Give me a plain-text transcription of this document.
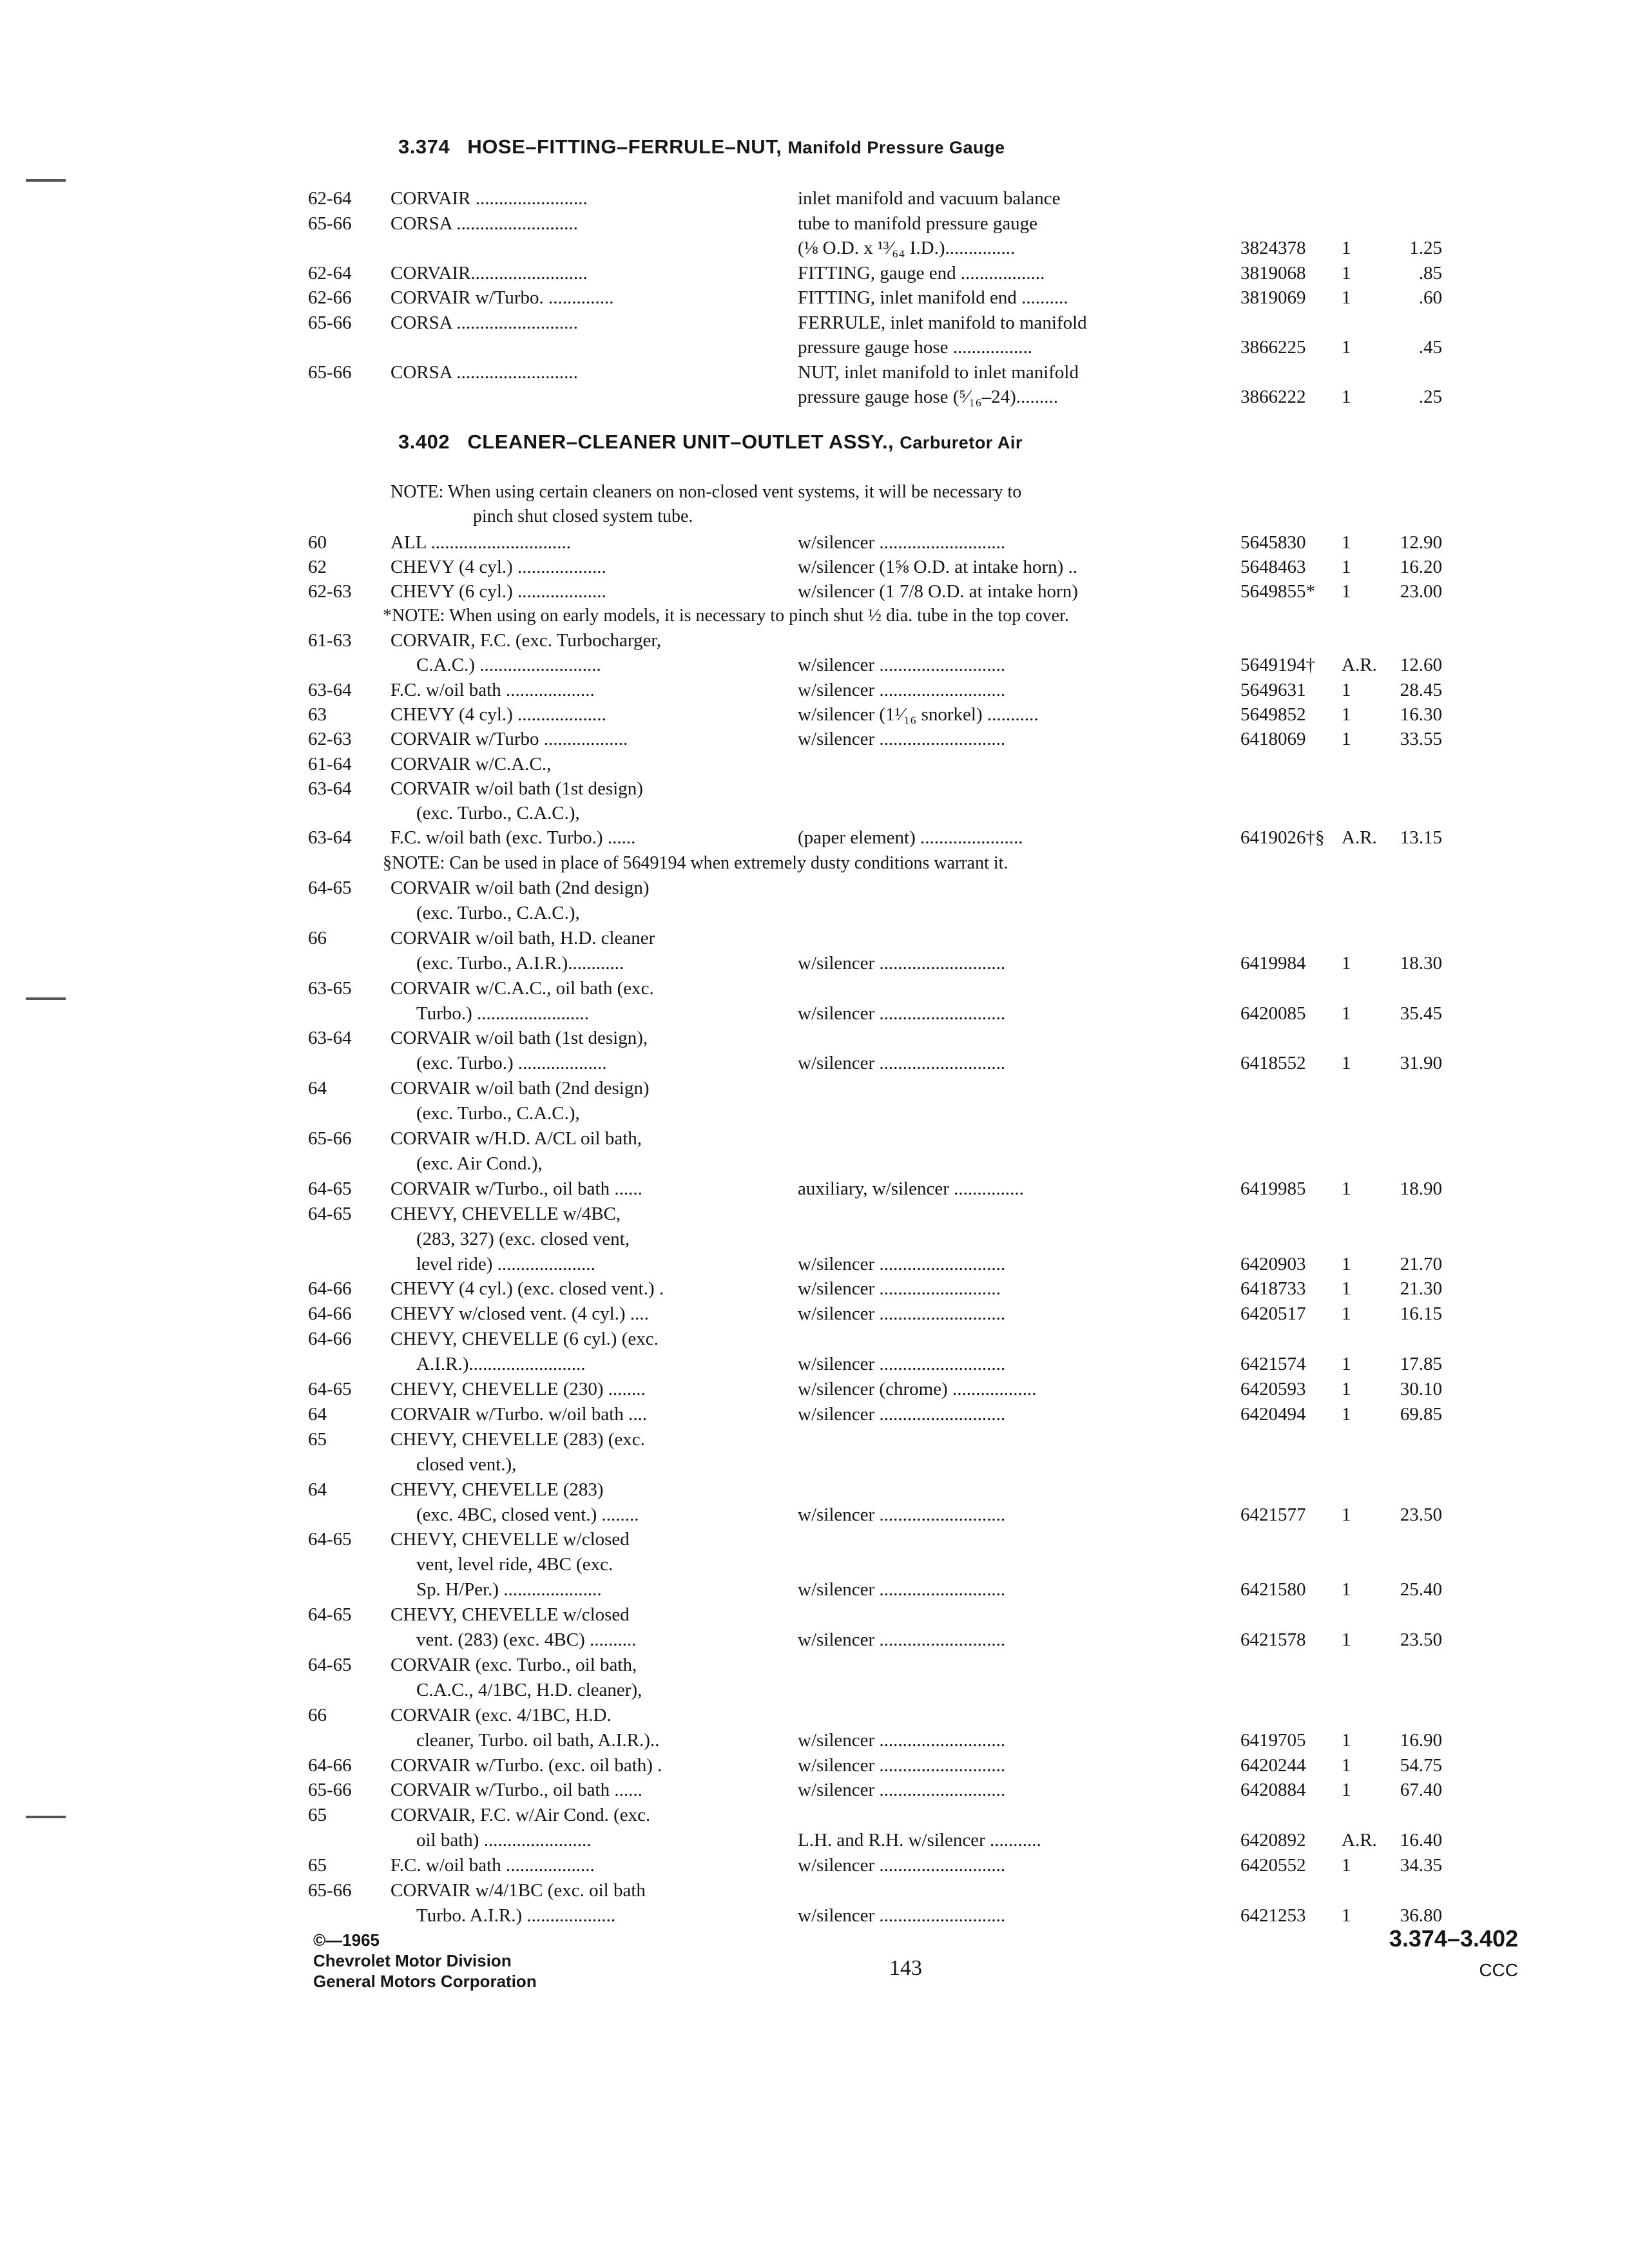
3.374 HOSE–FITTING–FERRULE–NUT, Manifold Pressure Gauge
62-64 CORVAIR ........................	inlet manifold and vacuum balance
65-66 CORSA ..........................	tube to manifold pressure gauge
(⅛ O.D. x ¹³⁄₆₄ I.D.)...............	3824378 1	1.25
62-64 CORVAIR.........................	FITTING, gauge end ..................	3819068 1	.85
62-66 CORVAIR w/Turbo. ..............	FITTING, inlet manifold end ..........	3819069 1	.60
65-66 CORSA ..........................	FERRULE, inlet manifold to manifold
pressure gauge hose .................	3866225 1	.45
65-66 CORSA ..........................	NUT, inlet manifold to inlet manifold
pressure gauge hose (⁵⁄₁₆–24).........	3866222 1	.25
3.402 CLEANER–CLEANER UNIT–OUTLET ASSY., Carburetor Air
NOTE: When using certain cleaners on non-closed vent systems, it will be necessary to
pinch shut closed system tube.
60	ALL ..............................	w/silencer ...........................	5645830 1	12.90
62	CHEVY (4 cyl.) ...................	w/silencer (1⅝ O.D. at intake horn) ..	5648463 1	16.20
62-63 CHEVY (6 cyl.) ...................	w/silencer (1 7/8 O.D. at intake horn)	5649855* 1	23.00
*NOTE: When using on early models, it is necessary to pinch shut ½ dia. tube in the top cover.
61-63 CORVAIR, F.C. (exc. Turbocharger,
C.A.C.) ..........................	w/silencer ...........................	5649194† A.R.	12.60
63-64 F.C. w/oil bath ...................	w/silencer ...........................	5649631 1	28.45
63	CHEVY (4 cyl.) ...................	w/silencer (1¹⁄₁₆ snorkel) ...........	5649852 1	16.30
62-63 CORVAIR w/Turbo ..................	w/silencer ...........................	6418069 1	33.55
61-64 CORVAIR w/C.A.C.,
63-64 CORVAIR w/oil bath (1st design)
(exc. Turbo., C.A.C.),
63-64 F.C. w/oil bath (exc. Turbo.) ......	(paper element) ......................	6419026†§ A.R.	13.15
§NOTE: Can be used in place of 5649194 when extremely dusty conditions warrant it.
64-65 CORVAIR w/oil bath (2nd design)
(exc. Turbo., C.A.C.),
66	CORVAIR w/oil bath, H.D. cleaner
(exc. Turbo., A.I.R.)............	w/silencer ...........................	6419984 1	18.30
63-65 CORVAIR w/C.A.C., oil bath (exc.
Turbo.) ........................	w/silencer ...........................	6420085 1	35.45
63-64 CORVAIR w/oil bath (1st design),
(exc. Turbo.) ...................	w/silencer ...........................	6418552 1	31.90
64	CORVAIR w/oil bath (2nd design)
(exc. Turbo., C.A.C.),
65-66 CORVAIR w/H.D. A/CL oil bath,
(exc. Air Cond.),
64-65 CORVAIR w/Turbo., oil bath ......	auxiliary, w/silencer ...............	6419985 1	18.90
64-65 CHEVY, CHEVELLE w/4BC,
(283, 327) (exc. closed vent,
level ride) .....................	w/silencer ...........................	6420903 1	21.70
64-66 CHEVY (4 cyl.) (exc. closed vent.) .	w/silencer ..........................	6418733 1	21.30
64-66 CHEVY w/closed vent. (4 cyl.) ....	w/silencer ...........................	6420517 1	16.15
64-66 CHEVY, CHEVELLE (6 cyl.) (exc.
A.I.R.).........................	w/silencer ...........................	6421574 1	17.85
64-65 CHEVY, CHEVELLE (230) ........	w/silencer (chrome) ..................	6420593 1	30.10
64	CORVAIR w/Turbo. w/oil bath ....	w/silencer ...........................	6420494 1	69.85
65	CHEVY, CHEVELLE (283) (exc.
closed vent.),
64	CHEVY, CHEVELLE (283)
(exc. 4BC, closed vent.) ........	w/silencer ...........................	6421577 1	23.50
64-65 CHEVY, CHEVELLE w/closed
vent, level ride, 4BC (exc.
Sp. H/Per.) .....................	w/silencer ...........................	6421580 1	25.40
64-65 CHEVY, CHEVELLE w/closed
vent. (283) (exc. 4BC) ..........	w/silencer ...........................	6421578 1	23.50
64-65 CORVAIR (exc. Turbo., oil bath,
C.A.C., 4/1BC, H.D. cleaner),
66	CORVAIR (exc. 4/1BC, H.D.
cleaner, Turbo. oil bath, A.I.R.)..	w/silencer ...........................	6419705 1	16.90
64-66 CORVAIR w/Turbo. (exc. oil bath) .	w/silencer ...........................	6420244 1	54.75
65-66 CORVAIR w/Turbo., oil bath ......	w/silencer ...........................	6420884 1	67.40
65	CORVAIR, F.C. w/Air Cond. (exc.
oil bath) .......................	L.H. and R.H. w/silencer ...........	6420892 A.R.	16.40
65	F.C. w/oil bath ...................	w/silencer ...........................	6420552 1	34.35
65-66 CORVAIR w/4/1BC (exc. oil bath
Turbo. A.I.R.) ...................	w/silencer ...........................	6421253 1	36.80
©—1965
Chevrolet Motor Division
General Motors Corporation
143
3.374–3.402
CCC
